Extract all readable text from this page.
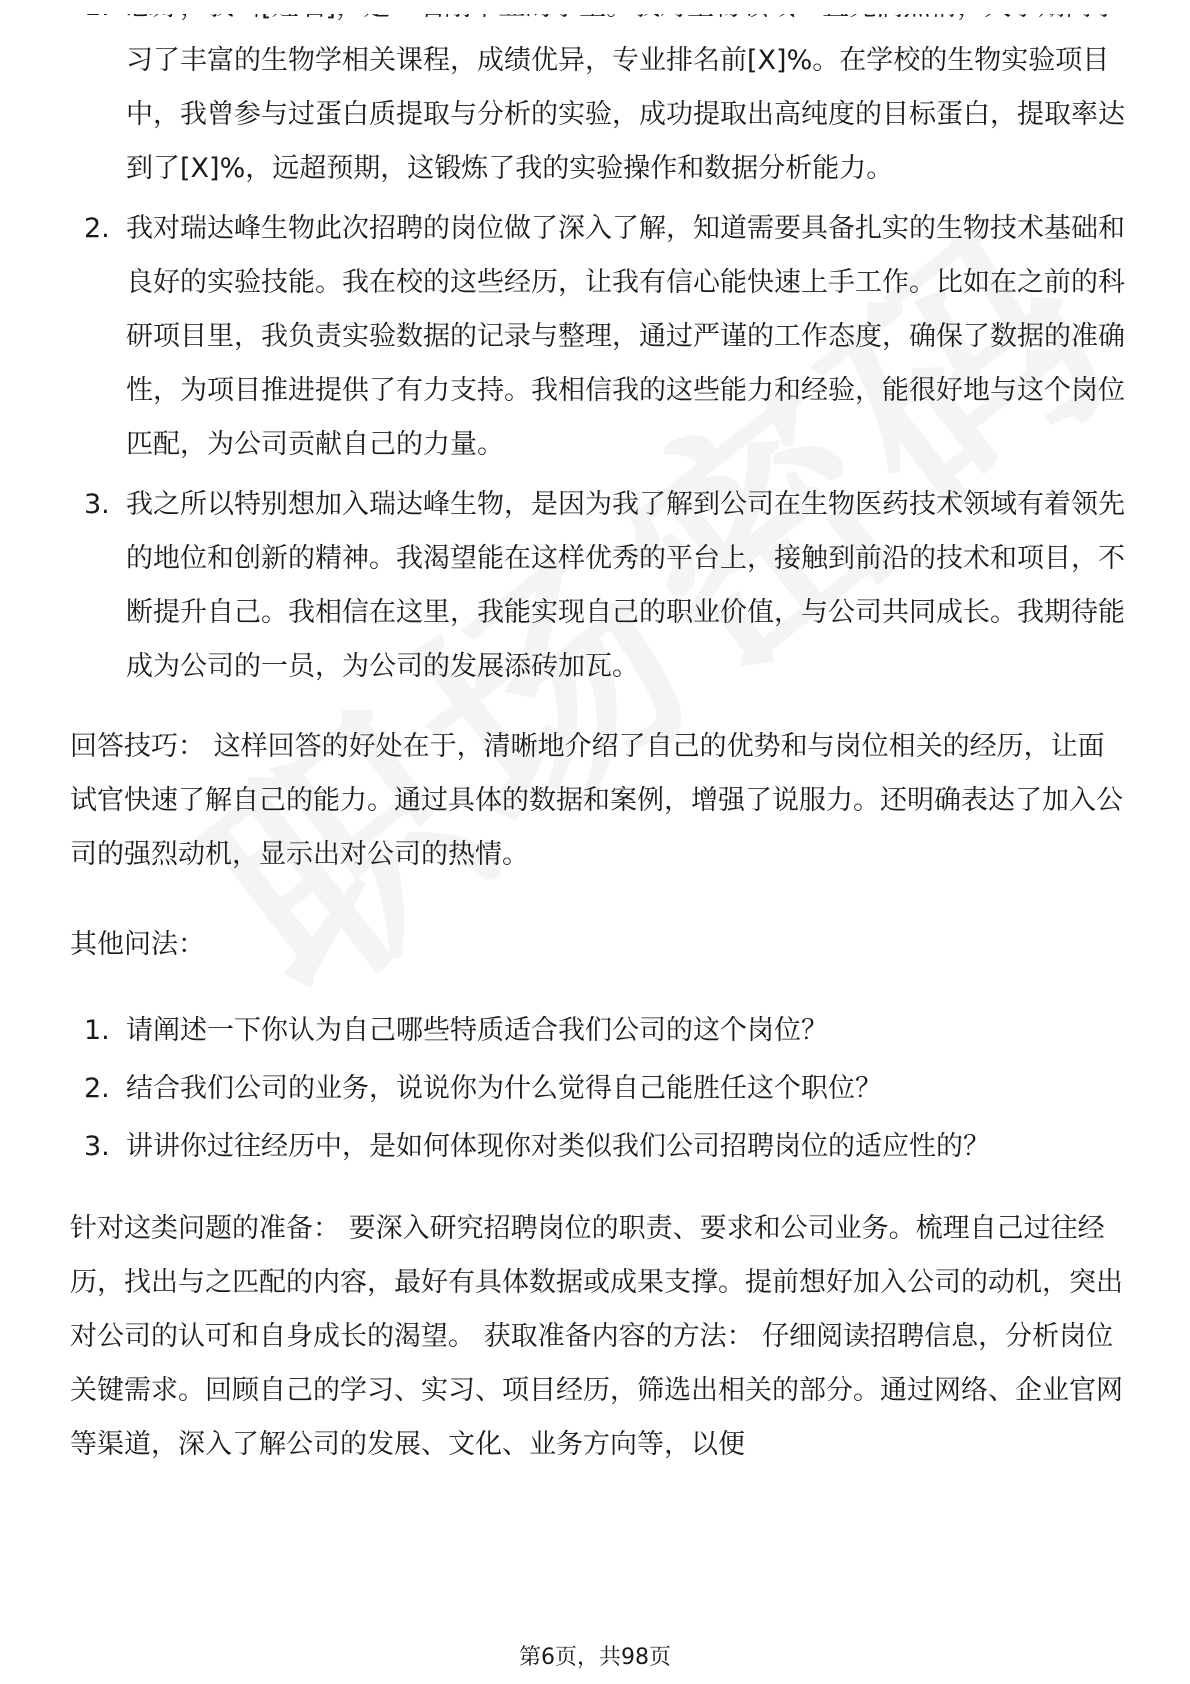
习了丰富的生物学相关课程，成绩优异，专业排名前[X]%。在学校的生物实验项目中，我曾参与过蛋白质提取与分析的实验，成功提取出高纯度的目标蛋白，提取率达到了[X]%，远超预期，这锻炼了我的实验操作和数据分析能力。
2. 我对瑞达峰生物此次招聘的岗位做了深入了解，知道需要具备扎实的生物技术基础和良好的实验技能。我在校的这些经历，让我有信心能快速上手工作。比如在之前的科研项目里，我负责实验数据的记录与整理，通过严谨的工作态度，确保了数据的准确性，为项目推进提供了有力支持。我相信我的这些能力和经验，能很好地与这个岗位匹配，为公司贡献自己的力量。
3. 我之所以特别想加入瑞达峰生物，是因为我了解到公司在生物医药技术领域有着领先的地位和创新的精神。我渴望能在这样优秀的平台上，接触到前沿的技术和项目，不断提升自己。我相信在这里，我能实现自己的职业价值，与公司共同成长。我期待能成为公司的一员，为公司的发展添砖加瓦。

回答技巧： 这样回答的好处在于，清晰地介绍了自己的优势和与岗位相关的经历，让面试官快速了解自己的能力。通过具体的数据和案例，增强了说服力。还明确表达了加入公司的强烈动机，显示出对公司的热情。

其他问法：

1. 请阐述一下你认为自己哪些特质适合我们公司的这个岗位？
2. 结合我们公司的业务，说说你为什么觉得自己能胜任这个职位？
3. 讲讲你过往经历中，是如何体现你对类似我们公司招聘岗位的适应性的？

针对这类问题的准备： 要深入研究招聘岗位的职责、要求和公司业务。梳理自己过往经历，找出与之匹配的内容，最好有具体数据或成果支撑。提前想好加入公司的动机，突出对公司的认可和自身成长的渴望。 获取准备内容的方法： 仔细阅读招聘信息，分析岗位关键需求。回顾自己的学习、实习、项目经历，筛选出相关的部分。通过网络、企业官网等渠道，深入了解公司的发展、文化、业务方向等，以便

第6页，共98页
